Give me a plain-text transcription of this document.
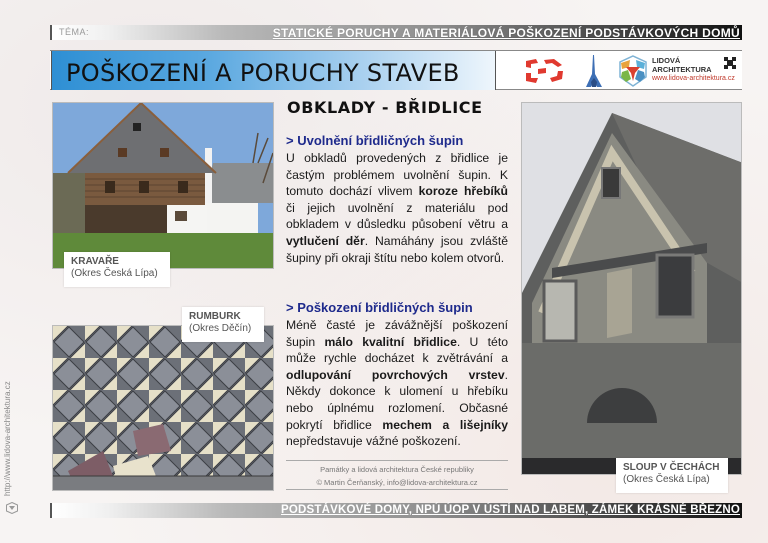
TÉMA:	STATICKÉ PORUCHY A MATERIÁLOVÁ POŠKOZENÍ PODSTÁVKOVÝCH DOMŮ
POŠKOZENÍ A PORUCHY STAVEB	LIDOVÁ
ARCHITEKTURA
www.lidova-architektura.cz
OBKLADY - BŘIDLICE
KRAVAŘE
(Okres Česká Lípa)
RUMBURK
(Okres Děčín)
SLOUP V ČECHÁCH
(Okres Česká Lípa)
> Uvolnění břidličných šupin
U obkladů provedených z břidlice je častým problémem uvolnění šupin. K tomuto dochází vlivem koroze hřebíků či jejich uvolnění z materiálu pod obkladem v důsledku působení větru a vytlučení děr. Namáhány jsou zvláště šupiny při okraji štítu nebo kolem otvorů.
> Poškození břidličných šupin
Méně časté je závážnější poškození šupin málo kvalitní břidlice. U této může rychle docházet k zvětrávání a odlupování povrchových vrstev. Někdy dokonce k ulomení u hřebíku nebo úplnému rozlomení. Občasné pokrytí břidlice mechem a lišejníky nepředstavuje vážné poškození.
Památky a lidová architektura České republiky
© Martin Čerňanský, info@lidova-architektura.cz
http://www.lidova-architektura.cz
PODSTÁVKOVÉ DOMY, NPÚ ÚOP V ÚSTÍ NAD LABEM, ZÁMEK KRÁSNÉ BŘEZNO
